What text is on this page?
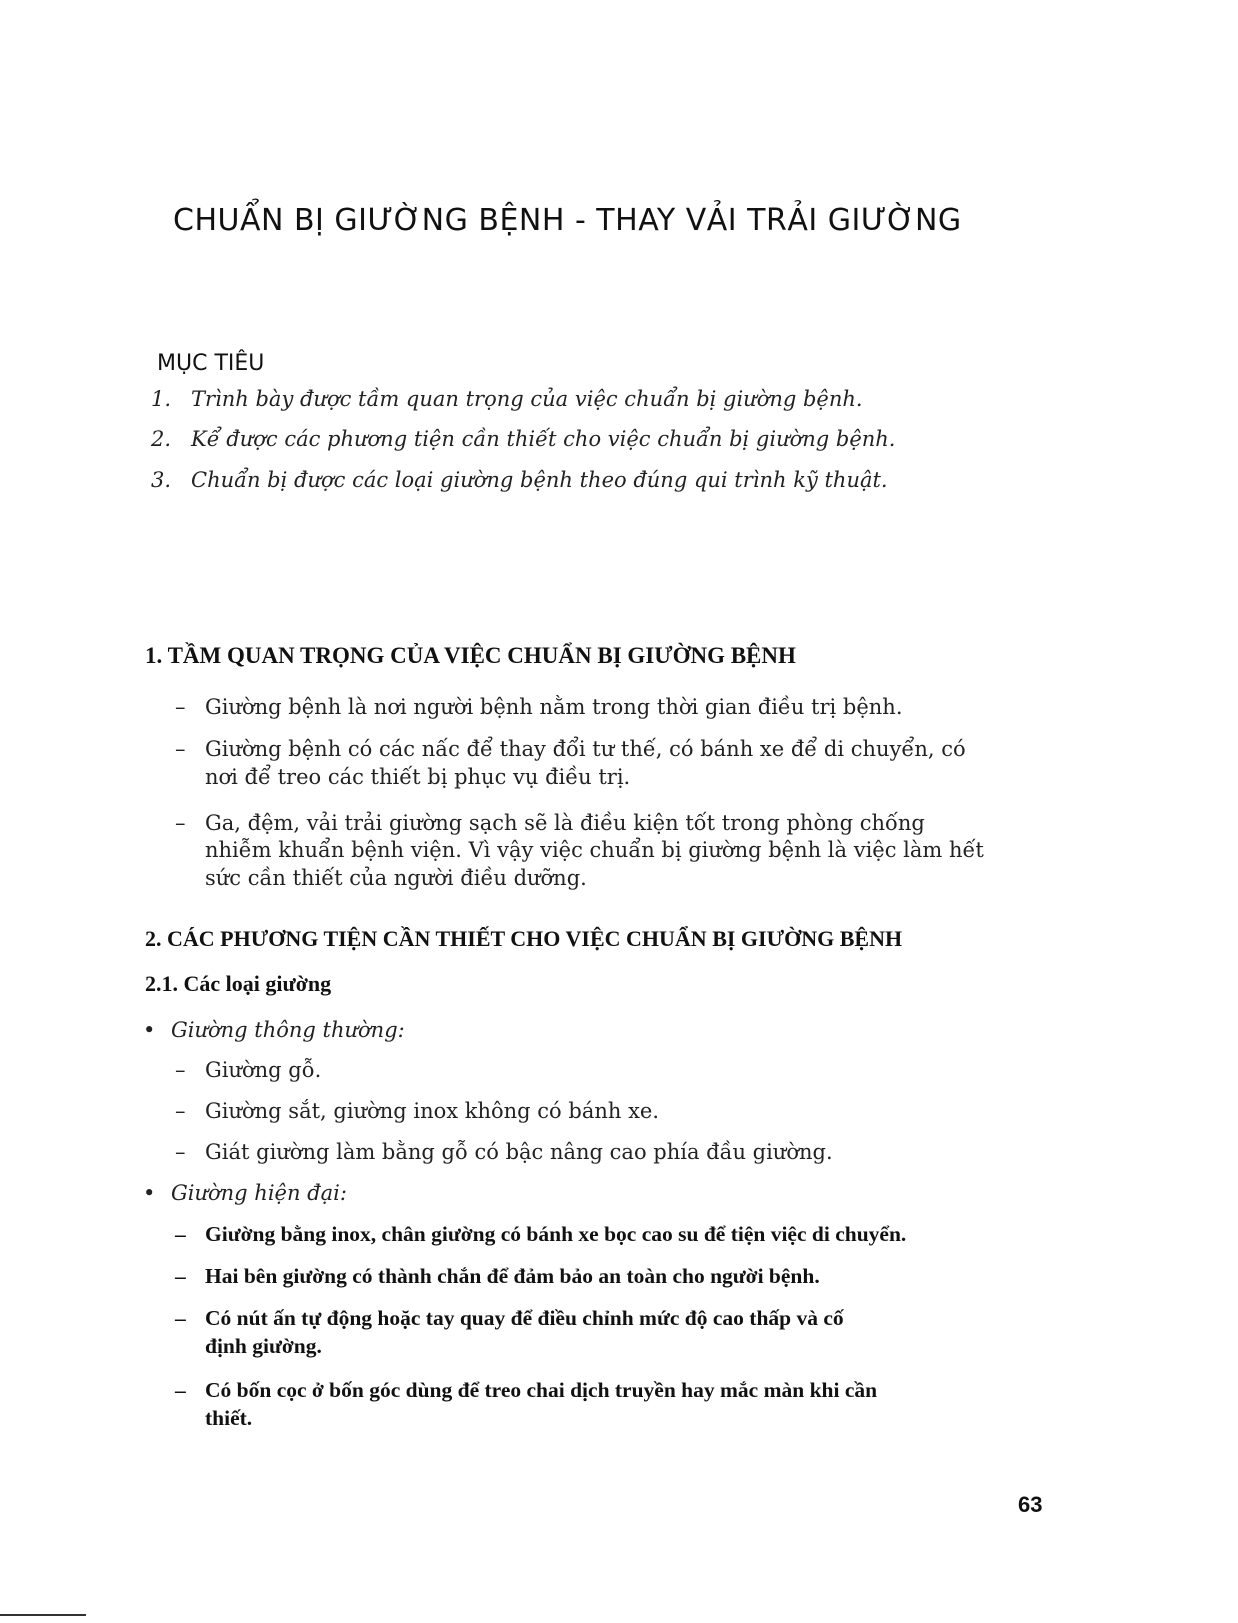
CHUẨN BỊ GIƯỜNG BỆNH - THAY VẢI TRẢI GIƯỜNG
MỤC TIÊU
1. Trình bày được tầm quan trọng của việc chuẩn bị giường bệnh.
2. Kể được các phương tiện cần thiết cho việc chuẩn bị giường bệnh.
3. Chuẩn bị được các loại giường bệnh theo đúng qui trình kỹ thuật.
1. TẦM QUAN TRỌNG CỦA VIỆC CHUẨN BỊ GIƯỜNG BỆNH
– Giường bệnh là nơi người bệnh nằm trong thời gian điều trị bệnh.
– Giường bệnh có các nấc để thay đổi tư thế, có bánh xe để di chuyển, có
nơi để treo các thiết bị phục vụ điều trị.
– Ga, đệm, vải trải giường sạch sẽ là điều kiện tốt trong phòng chống
nhiễm khuẩn bệnh viện. Vì vậy việc chuẩn bị giường bệnh là việc làm hết
sức cần thiết của người điều dưỡng.
2. CÁC PHƯƠNG TIỆN CẦN THIẾT CHO VIỆC CHUẨN BỊ GIƯỜNG BỆNH
2.1. Các loại giường
• Giường thông thường:
– Giường gỗ.
– Giường sắt, giường inox không có bánh xe.
– Giát giường làm bằng gỗ có bậc nâng cao phía đầu giường.
• Giường hiện đại:
– Giường bằng inox, chân giường có bánh xe bọc cao su để tiện việc di chuyển.
– Hai bên giường có thành chắn để đảm bảo an toàn cho người bệnh.
– Có nút ấn tự động hoặc tay quay để điều chỉnh mức độ cao thấp và cố
định giường.
– Có bốn cọc ở bốn góc dùng để treo chai dịch truyền hay mắc màn khi cần
thiết.
63
